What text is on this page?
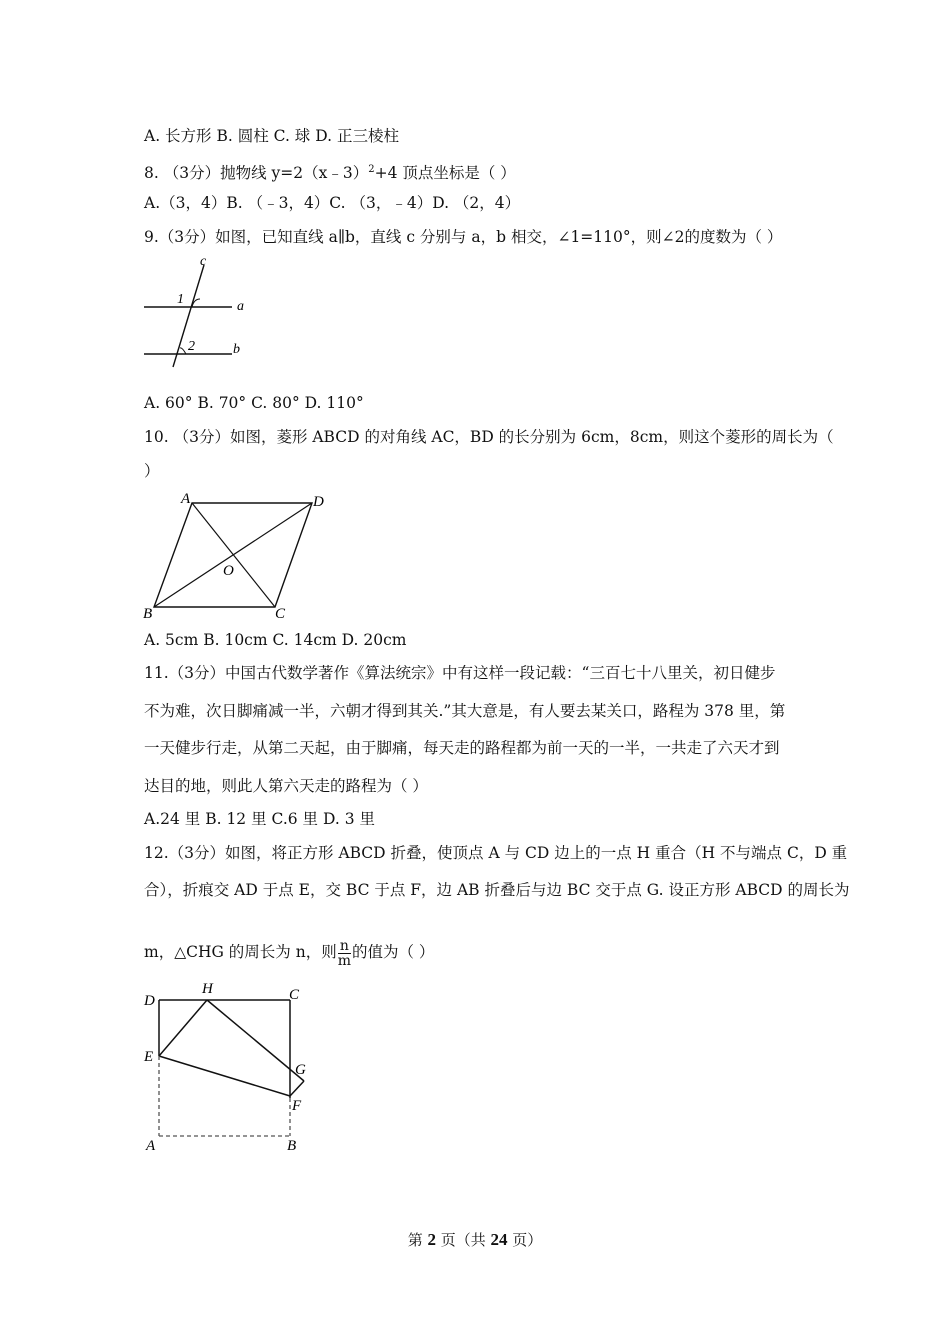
A. 长方形 B. 圆柱 C. 球 D. 正三棱柱
8. （3分）抛物线 y=2（x﹣3）$^2$+4 顶点坐标是（ ）
A.（3，4）B. （﹣3，4）C. （3，﹣4）D. （2，4）
9.（3分）如图，已知直线 a∥b，直线 c 分别与 a，b 相交，∠1=110°，则∠2的度数为（ ）
c
1	a
2	b
A. 60° B. 70° C. 80° D. 110°
10. （3分）如图，菱形 ABCD 的对角线 AC，BD 的长分别为 6cm，8cm，则这个菱形的周长为（
）
A	D
O
B	C
A. 5cm B. 10cm C. 14cm D. 20cm
11.（3分）中国古代数学著作《算法统宗》中有这样一段记载：“三百七十八里关，初日健步
不为难，次日脚痛减一半，六朝才得到其关.”其大意是，有人要去某关口，路程为 378 里，第
一天健步行走，从第二天起，由于脚痛，每天走的路程都为前一天的一半，一共走了六天才到
达目的地，则此人第六天走的路程为（ ）
A.24 里 B. 12 里 C.6 里 D. 3 里
12.（3分）如图，将正方形 ABCD 折叠，使顶点 A 与 CD 边上的一点 H 重合（H 不与端点 C，D 重
合），折痕交 AD 于点 E，交 BC 于点 F，边 AB 折叠后与边 BC 交于点 G. 设正方形 ABCD 的周长为
m，△CHG 的周长为 n，则 $\frac{n}{m}$ 的值为（ ）
D
H	C
E
G
F
A	B
第 2 页（共 24 页）
